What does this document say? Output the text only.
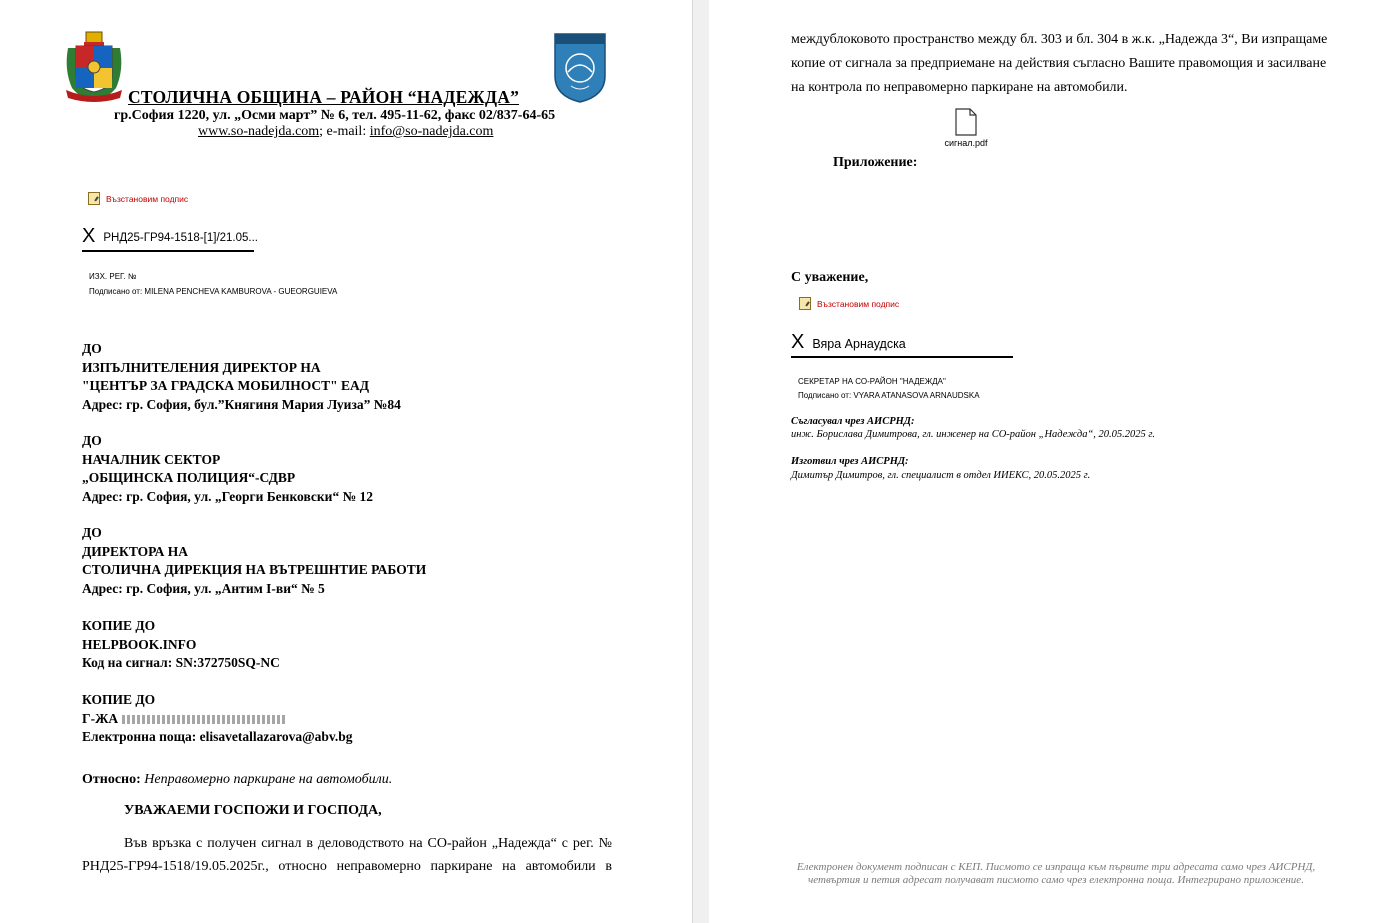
СТОЛИЧНА ОБЩИНА – РАЙОН “НАДЕЖДА”
гр.София 1220, ул. „Осми март” № 6, тел. 495-11-62, факс 02/837-64-65
www.so-nadejda.com; e-mail: info@so-nadejda.com
Възстановим подпис
X РНД25-ГР94-1518-[1]/21.05...
ИЗХ. РЕГ. №
Подписано от: MILENA PENCHEVA KAMBUROVA - GUEORGUIEVA
ДО
ИЗПЪЛНИТЕЛЕНИЯ ДИРЕКТОР НА
"ЦЕНТЪР ЗА ГРАДСКА МОБИЛНОСТ" ЕАД
Адрес: гр. София, бул.”Княгиня Мария Луиза” №84
ДО
НАЧАЛНИК СЕКТОР
„ОБЩИНСКА ПОЛИЦИЯ“-СДВР
Адрес: гр. София, ул. „Георги Бенковски“ № 12
ДО
ДИРЕКТОРА НА
СТОЛИЧНА ДИРЕКЦИЯ НА ВЪТРЕШНТИЕ РАБОТИ
Адрес: гр. София, ул. „Антим I-ви“ № 5
КОПИЕ ДО
HELPBOOK.INFO
Код на сигнал: SN:372750SQ-NC
КОПИЕ ДО
Г-ЖА
Електронна поща: elisavetallazarova@abv.bg
Относно: Неправомерно паркиране на автомобили.
УВАЖАЕМИ ГОСПОЖИ И ГОСПОДА,
Във връзка с получен сигнал в деловодството на СО-район „Надежда“ с рег. №
РНД25-ГР94-1518/19.05.2025г., относно неправомерно паркиране на автомобили в
междублоковото пространство между бл. 303 и бл. 304 в ж.к. „Надежда 3“, Ви изпращаме
копие от сигнала за предприемане на действия съгласно Вашите правомощия и засилване
на контрола по неправомерно паркиране на автомобили.
сигнал.pdf
Приложение:
С уважение,
Възстановим подпис
X Вяра Арнаудска
СЕКРЕТАР НА СО-РАЙОН "НАДЕЖДА"
Подписано от: VYARA ATANASOVA ARNAUDSKA
Съгласувал чрез АИСРНД:
инж. Борислава Димитрова, гл. инженер на СО-район „Надежда“, 20.05.2025 г.
Изготвил чрез АИСРНД:
Димитър Димитров, гл. специалист в отдел ИИЕКС, 20.05.2025 г.
Електронен документ подписан с КЕП. Писмото се изпраща към първите три адресата само чрез АИСРНД, четвъртия и петия адресат получават писмото само чрез електронна поща. Интегрирано приложение.
